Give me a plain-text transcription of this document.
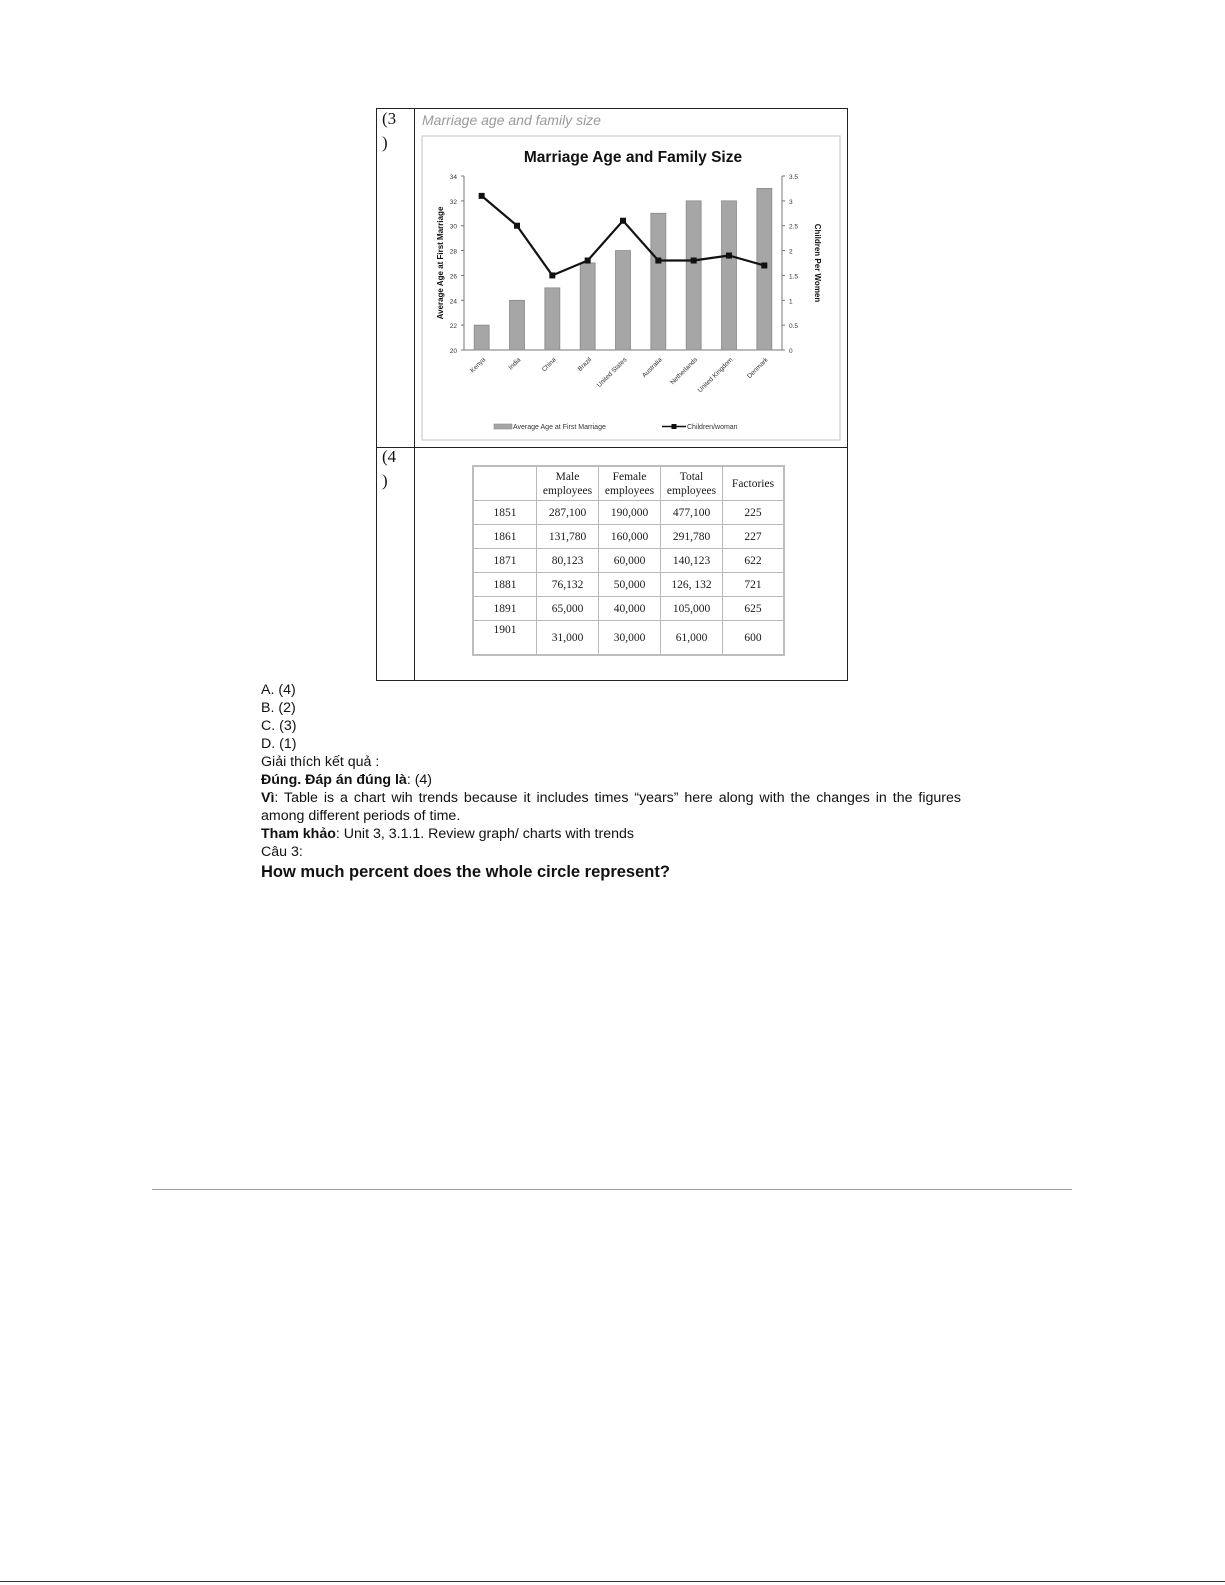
(3
)
(4
)
Marriage Age and Family Size
20
22
24
26
28
30
32
34
0
0.5
1
1.5
2
2.5
3
3.5
Average Age at First Marriage	Children Per Women
Kenya	India	China	Brazil United States Australia Netherlands
United Kingdom Denmark
Average Age at First Marriage	Children/woman
Marriage age and family size
	Male employees	Female employees	Total employees	Factories
1851	287,100	190,000	477,100	225
1861	131,780	160,000	291,780	227
1871	80,123	60,000	140,123	622
1881	76,132	50,000	126, 132	721
1891	65,000	40,000	105,000	625
1901	31,000	30,000	61,000	600
A. (4)
B. (2)
C. (3)
D. (1)
Giải thích kết quả :
Đúng. Đáp án đúng là: (4)
Vì: Table is a chart wih trends because it includes times “years” here along with the changes in the figures among different periods of time.
Tham khảo: Unit 3, 3.1.1. Review graph/ charts with trends
Câu 3:
How much percent does the whole circle represent?
